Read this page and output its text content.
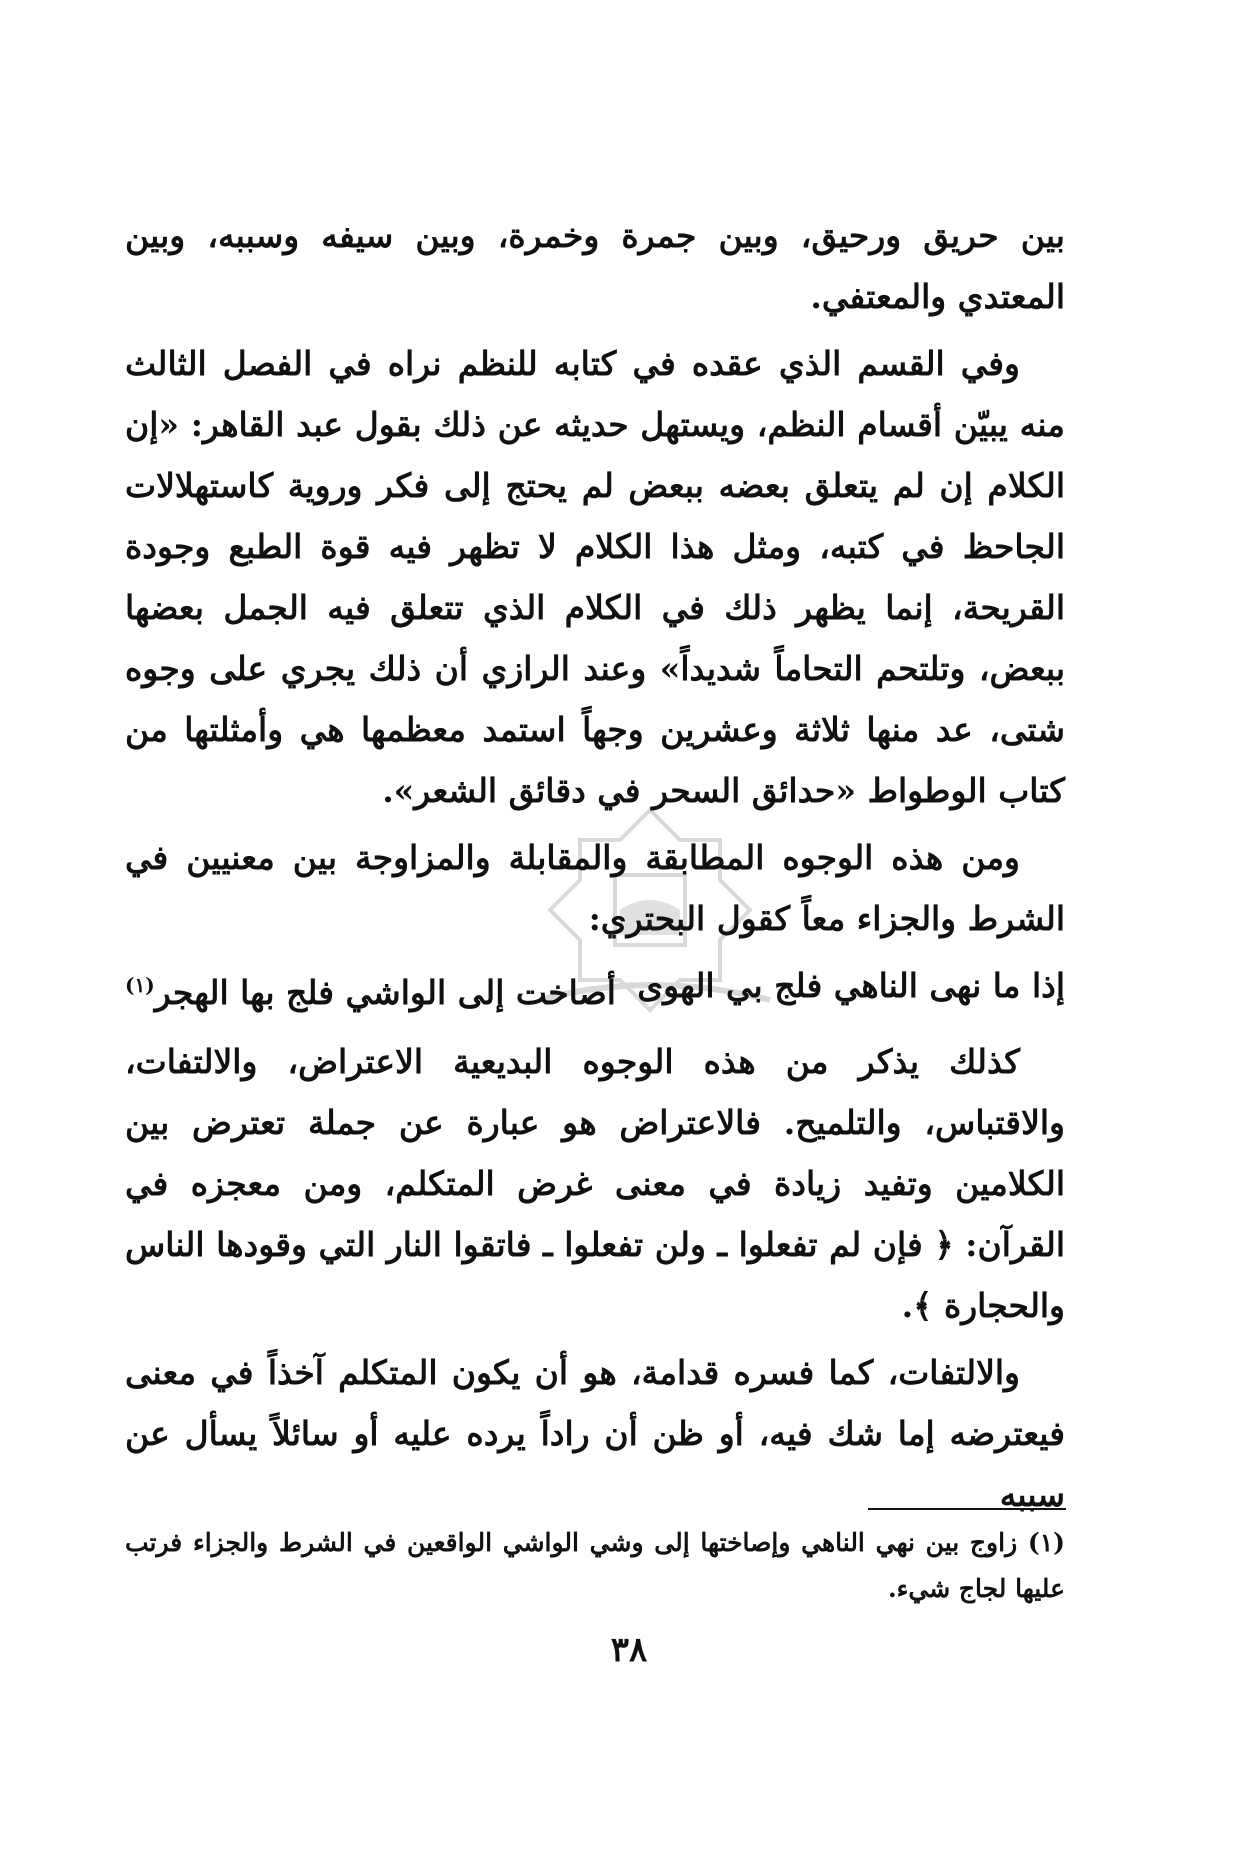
بين حريق ورحيق، وبين جمرة وخمرة، وبين سيفه وسببه، وبين المعتدي والمعتفي.

وفي القسم الذي عقده في كتابه للنظم نراه في الفصل الثالث منه يبيّن أقسام النظم، ويستهل حديثه عن ذلك بقول عبد القاهر: «إن الكلام إن لم يتعلق بعضه ببعض لم يحتج إلى فكر وروية كاستهلالات الجاحظ في كتبه، ومثل هذا الكلام لا تظهر فيه قوة الطبع وجودة القريحة، إنما يظهر ذلك في الكلام الذي تتعلق فيه الجمل بعضها ببعض، وتلتحم التحاماً شديداً» وعند الرازي أن ذلك يجري على وجوه شتى، عد منها ثلاثة وعشرين وجهاً استمد معظمها هي وأمثلتها من كتاب الوطواط «حدائق السحر في دقائق الشعر».

ومن هذه الوجوه المطابقة والمقابلة والمزاوجة بين معنيين في الشرط والجزاء معاً كقول البحتري:

إذا ما نهى الناهي فلج بي الهوى
أصاخت إلى الواشي فلج بها الهجر$^{(١)}$

كذلك يذكر من هذه الوجوه البديعية الاعتراض، والالتفات، والاقتباس، والتلميح. فالاعتراض هو عبارة عن جملة تعترض بين الكلامين وتفيد زيادة في معنى غرض المتكلم، ومن معجزه في القرآن: ﴿ فإن لم تفعلوا ـ ولن تفعلوا ـ فاتقوا النار التي وقودها الناس والحجارة ﴾.

والالتفات، كما فسره قدامة، هو أن يكون المتكلم آخذاً في معنى فيعترضه إما شك فيه، أو ظن أن راداً يرده عليه أو سائلاً يسأل عن سببه

(١) زاوج بين نهي الناهي وإصاختها إلى وشي الواشي الواقعين في الشرط والجزاء فرتب عليها لجاج شيء.

٣٨
